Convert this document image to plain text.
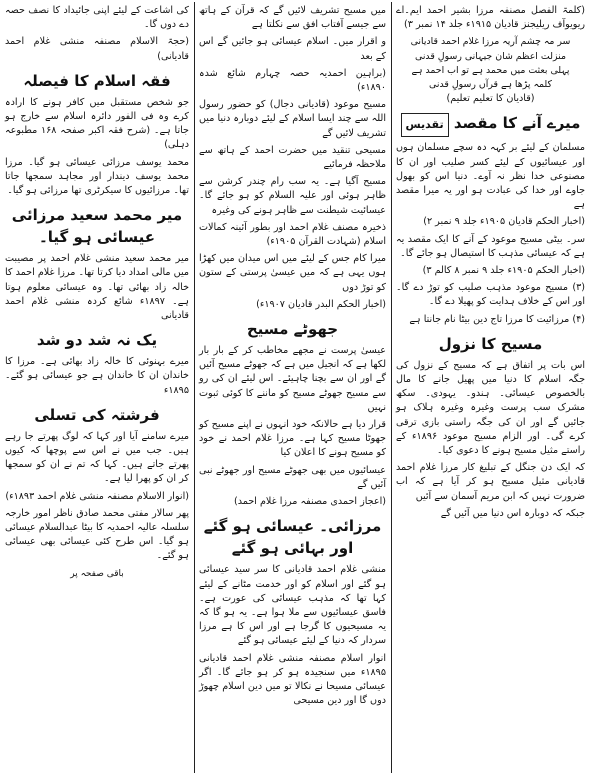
(کلمۃ الفصل مصنفہ مرزا بشیر احمد ایم۔اے ریویوآف ریلیجنز قادیان ۱۹۱۵ء جلد ۱۴ نمبر ۳)

سر مہ چشم آریہ مرزا غلام احمد قادیانی

منزلت اعظم شان جیہانی رسولِ قدنی

پہلی بعثت میں محمد ہے تو اب احمد ہے

کلمہ پڑھا ہے قرآں رسولِ قدنی

(قادیان کا تعلیم تعلیم)

میرے آنے کا مقصد تقدیس

مسلمان کے لیئے بر کہہ دہ سچے مسلمان ہوں اور عیسائیوں کے لیئے کسر صلیب اور ان کا مصنوعی خدا نظر نہ آوے۔ دنیا اس کو بھول جاوے اور خدا کی عبادت ہو اور یہ میرا مقصد ہے

(اخبار الحکم قادیان ۱۹۰۵ء جلد ۹ نمبر ۲)

سر۔ بیٹی مسیح موعود کے آنے کا ایک مقصد یہ ہے کہ عیسائی مذہب کا استیصال ہو جائے گا۔

(اخبار الحکم ۱۹۰۵ء جلد ۹ نمبر ۸ کالم ۳)

(۳) مسیح موعود مذہب صلیب کو توڑ دے گا۔ اور اس کے خلاف ہدایت کو پھیلا دے گا۔

(۴) مرزائیت کا مرزا تاج دین بیٹا نام جانتا ہے

مسیح کا نزول

اس بات پر اتفاق ہے کہ مسیح کے نزول کی جگہ اسلام کا دنیا میں پھیل جانے کا مال بالخصوص عیسائی۔ ہندو۔ یہودی۔ سکھ مشرک سب پرست وغیرہ وغیرہ ہلاک ہو جائیں گے اور ان کی جگہ راستی بازی ترقی کرے گی۔ اور الزام مسیح موعود ۱۸۹۶ء کے راستے مثیل مسیح ہونے کا دعوی کیا۔

کہ ایک دن جنگل کے تبلیغ کار مرزا غلام احمد قادیانی مثیل مسیح ہو کر آیا ہے کہ اب ضرورت نہیں کہ ابن مریم آسمان سے آئیں

جبکہ کہ دوبارہ اس دنیا میں آئیں گے

میں مسیح تشریف لائیں گے کہ قرآن کے ہاتھ سے جیسے آفتاب افق سے نکلتا ہے

و اقرار میں۔ اسلام عیسائی ہو جائیں گے اس کے بعد

(براہین احمدیہ حصہ چہارم شائع شدہ ۱۸۹۰ء)

مسیح موعود (قادیانی دجال) کو حضور رسول اللہ سے چند ایسا اسلام کے لیئے دوبارہ دنیا میں تشریف لائیں گے

مسیحی تنقید میں حضرت احمد کے ہاتھ سے ملاحظہ فرمائیے

مسیح آگیا ہے۔ یہ سب رام چندر کرشن سے ظاہر ہوئی اور علیہ السلام کو ہو جائے گا۔ عیسائیت شیطنت سے ظاہر ہونے کی وغیرہ

ذخیرہ مصنف غلام احمد اور بطور آئینہ کمالات اسلام (شہادت القرآن ۱۹۰۵ء)

میرا کام جس کے لیئے میں اس میدان میں کھڑا ہوں یہی ہے کہ میں عیسیٰ پرستی کے ستون کو توڑ دوں

(اخبار الحکم البدر قادیان ۱۹۰۷ء)

جھوٹے مسیح

عیسیٰ پرست نے مجھے مخاطب کر کے بار بار لکھا ہے کہ انجیل میں ہے کہ جھوٹے مسیح آئیں گے اور ان سے بچنا چاہیئے۔ اس لیئے ان کی رو سے مسیح جھوٹے مسیح کو ماننے کا کوئی ثبوت نہیں

قرار دیا ہے حالانکہ خود انہوں نے اپنے مسیح کو جھوٹا مسیح کہا ہے۔ مرزا غلام احمد نے خود کو مسیح ہونے کا اعلان کیا

عیسائیوں میں بھی جھوٹے مسیح اور جھوٹے نبی آئیں گے

(اعجاز احمدی مصنفہ مرزا غلام احمد)

مرزائی۔ عیسائی ہو گئے اور بہائی ہو گئے

منشی غلام احمد قادیانی کا سر سید عیسائی ہو گئے اور اسلام کو اور خدمت مٹانے کے لیئے کہا تھا کہ مذہب عیسائی کی عورت ہے۔ فاسق عیسائیوں سے ملا ہوا ہے۔ یہ ہو گا کہ یہ مسیحیوں کا گرجا ہے اور اس کا ہے مرزا سردار کہ دنیا کے لیئے عیسائی ہو گئے

انوار اسلام مصنفہ منشی غلام احمد قادیانی ۱۸۹۵ء میں سنجیدہ ہو کر ہو جائے گا۔ اگر عیسائی مسیحا نے نکالا تو میں دین اسلام چھوڑ دوں گا اور دین مسیحی

کی اشاعت کے لیئے اپنی جائیداد کا نصف حصہ دے دوں گا۔

(حجۃ الاسلام مصنفہ منشی غلام احمد قادیانی)

فقہ اسلام کا فیصلہ

جو شخص مستقبل میں کافر ہونے کا ارادہ کرے وہ فی الفور دائرہ اسلام سے خارج ہو جاتا ہے۔ (شرح فقہ اکبر صفحہ ۱۶۸ مطبوعہ دہلی)

محمد یوسف مرزائی عیسائی ہو گیا۔ مرزا محمد یوسف دیندار اور مجاہد سمجھا جاتا تھا۔ مرزائیوں کا سیکرٹری تھا مرزائی ہو گیا۔

میر محمد سعید مرزائی عیسائی ہو گیا۔

میر محمد سعید منشی غلام احمد پر مصیبت میں مالی امداد دیا کرتا تھا۔ مرزا غلام احمد کا خالہ زاد بھائی تھا۔ وہ عیسائی معلوم ہوتا ہے۔ ۱۸۹۷ء شائع کردہ منشی غلام احمد قادیانی

یک نہ شد دو شد

میرے بہنوئی کا خالہ زاد بھائی ہے۔ مرزا کا خاندان ان کا خاندان ہے جو عیسائی ہو گئے۔ ۱۸۹۵ء

فرشتہ کی تسلی

میرے سامنے آیا اور کہا کہ لوگ پھرتے جا رہے ہیں۔ جب میں نے اس سے پوچھا کہ کیوں پھرتے جاتے ہیں۔ کہا کہ تم نے ان کو سمجھا کر ان کو پھرا لیا ہے۔

(انوار الاسلام مصنفہ منشی غلام احمد ۱۸۹۳ء)

پھر سالار مفتی محمد صادق ناظر امور خارجہ سلسلہ عالیہ احمدیہ کا بیٹا عبدالسلام عیسائی ہو گیا۔ اس طرح کئی عیسائی بھی عیسائی ہو گئے۔

باقی صفحہ پر
